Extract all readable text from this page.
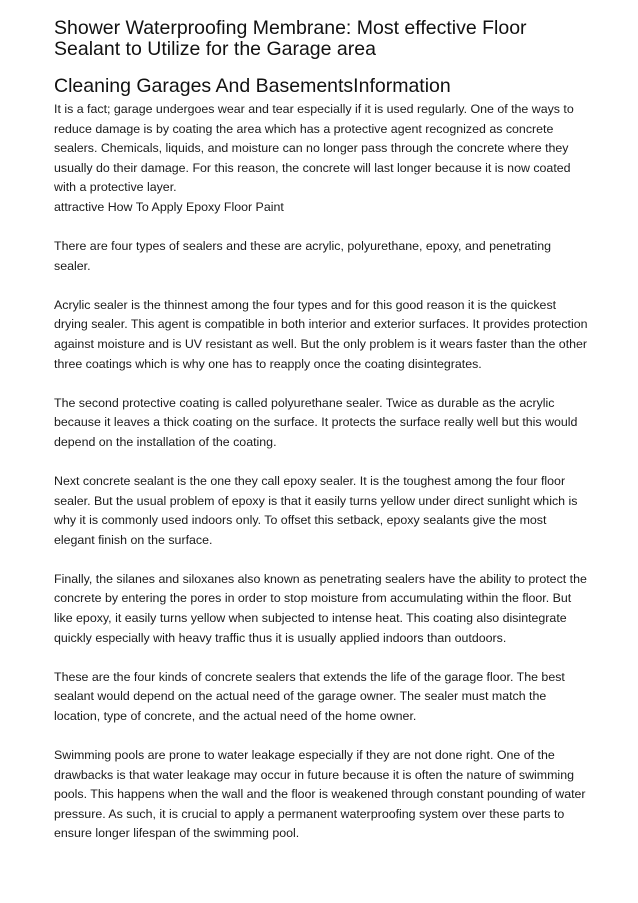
Shower Waterproofing Membrane: Most effective Floor Sealant to Utilize for the Garage area
Cleaning Garages And BasementsInformation

It is a fact; garage undergoes wear and tear especially if it is used regularly. One of the ways to reduce damage is by coating the area which has a protective agent recognized as concrete sealers. Chemicals, liquids, and moisture can no longer pass through the concrete where they usually do their damage. For this reason, the concrete will last longer because it is now coated with a protective layer.

attractive How To Apply Epoxy Floor Paint

There are four types of sealers and these are acrylic, polyurethane, epoxy, and penetrating sealer.

Acrylic sealer is the thinnest among the four types and for this good reason it is the quickest drying sealer. This agent is compatible in both interior and exterior surfaces. It provides protection against moisture and is UV resistant as well. But the only problem is it wears faster than the other three coatings which is why one has to reapply once the coating disintegrates.

The second protective coating is called polyurethane sealer. Twice as durable as the acrylic because it leaves a thick coating on the surface. It protects the surface really well but this would depend on the installation of the coating.

Next concrete sealant is the one they call epoxy sealer. It is the toughest among the four floor sealer. But the usual problem of epoxy is that it easily turns yellow under direct sunlight which is why it is commonly used indoors only. To offset this setback, epoxy sealants give the most elegant finish on the surface.

Finally, the silanes and siloxanes also known as penetrating sealers have the ability to protect the concrete by entering the pores in order to stop moisture from accumulating within the floor. But like epoxy, it easily turns yellow when subjected to intense heat. This coating also disintegrate quickly especially with heavy traffic thus it is usually applied indoors than outdoors.

These are the four kinds of concrete sealers that extends the life of the garage floor. The best sealant would depend on the actual need of the garage owner. The sealer must match the location, type of concrete, and the actual need of the home owner.

Swimming pools are prone to water leakage especially if they are not done right. One of the drawbacks is that water leakage may occur in future because it is often the nature of swimming pools. This happens when the wall and the floor is weakened through constant pounding of water pressure. As such, it is crucial to apply a permanent waterproofing system over these parts to ensure longer lifespan of the swimming pool.
